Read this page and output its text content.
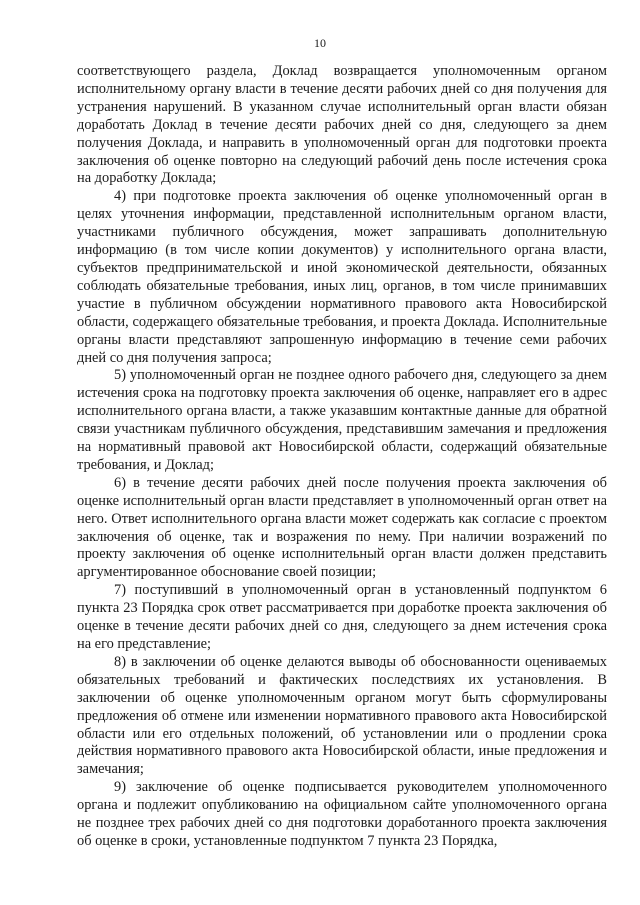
10

соответствующего раздела, Доклад возвращается уполномоченным органом исполнительному органу власти в течение десяти рабочих дней со дня получения для устранения нарушений. В указанном случае исполнительный орган власти обязан доработать Доклад в течение десяти рабочих дней со дня, следующего за днем получения Доклада, и направить в уполномоченный орган для подготовки проекта заключения об оценке повторно на следующий рабочий день после истечения срока на доработку Доклада;

4) при подготовке проекта заключения об оценке уполномоченный орган в целях уточнения информации, представленной исполнительным органом власти, участниками публичного обсуждения, может запрашивать дополнительную информацию (в том числе копии документов) у исполнительного органа власти, субъектов предпринимательской и иной экономической деятельности, обязанных соблюдать обязательные требования, иных лиц, органов, в том числе принимавших участие в публичном обсуждении нормативного правового акта Новосибирской области, содержащего обязательные требования, и проекта Доклада. Исполнительные органы власти представляют запрошенную информацию в течение семи рабочих дней со дня получения запроса;

5) уполномоченный орган не позднее одного рабочего дня, следующего за днем истечения срока на подготовку проекта заключения об оценке, направляет его в адрес исполнительного органа власти, а также указавшим контактные данные для обратной связи участникам публичного обсуждения, представившим замечания и предложения на нормативный правовой акт Новосибирской области, содержащий обязательные требования, и Доклад;

6) в течение десяти рабочих дней после получения проекта заключения об оценке исполнительный орган власти представляет в уполномоченный орган ответ на него. Ответ исполнительного органа власти может содержать как согласие с проектом заключения об оценке, так и возражения по нему. При наличии возражений по проекту заключения об оценке исполнительный орган власти должен представить аргументированное обоснование своей позиции;

7) поступивший в уполномоченный орган в установленный подпунктом 6 пункта 23 Порядка срок ответ рассматривается при доработке проекта заключения об оценке в течение десяти рабочих дней со дня, следующего за днем истечения срока на его представление;

8) в заключении об оценке делаются выводы об обоснованности оцениваемых обязательных требований и фактических последствиях их установления. В заключении об оценке уполномоченным органом могут быть сформулированы предложения об отмене или изменении нормативного правового акта Новосибирской области или его отдельных положений, об установлении или о продлении срока действия нормативного правового акта Новосибирской области, иные предложения и замечания;

9) заключение об оценке подписывается руководителем уполномоченного органа и подлежит опубликованию на официальном сайте уполномоченного органа не позднее трех рабочих дней со дня подготовки доработанного проекта заключения об оценке в сроки, установленные подпунктом 7 пункта 23 Порядка,
